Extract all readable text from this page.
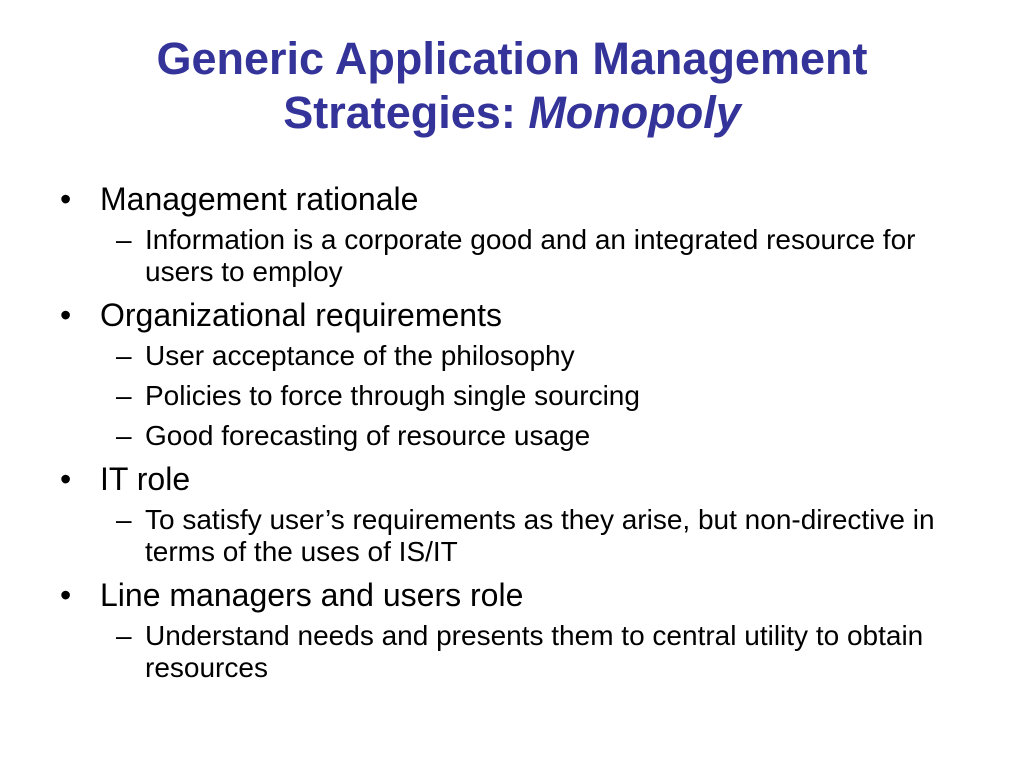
Generic Application Management
Strategies: Monopoly
• Management rationale
– Information is a corporate good and an integrated resource for users to employ
• Organizational requirements
– User acceptance of the philosophy
– Policies to force through single sourcing
– Good forecasting of resource usage
• IT role
– To satisfy user’s requirements as they arise, but non-directive in terms of the uses of IS/IT
• Line managers and users role
– Understand needs and presents them to central utility to obtain resources
